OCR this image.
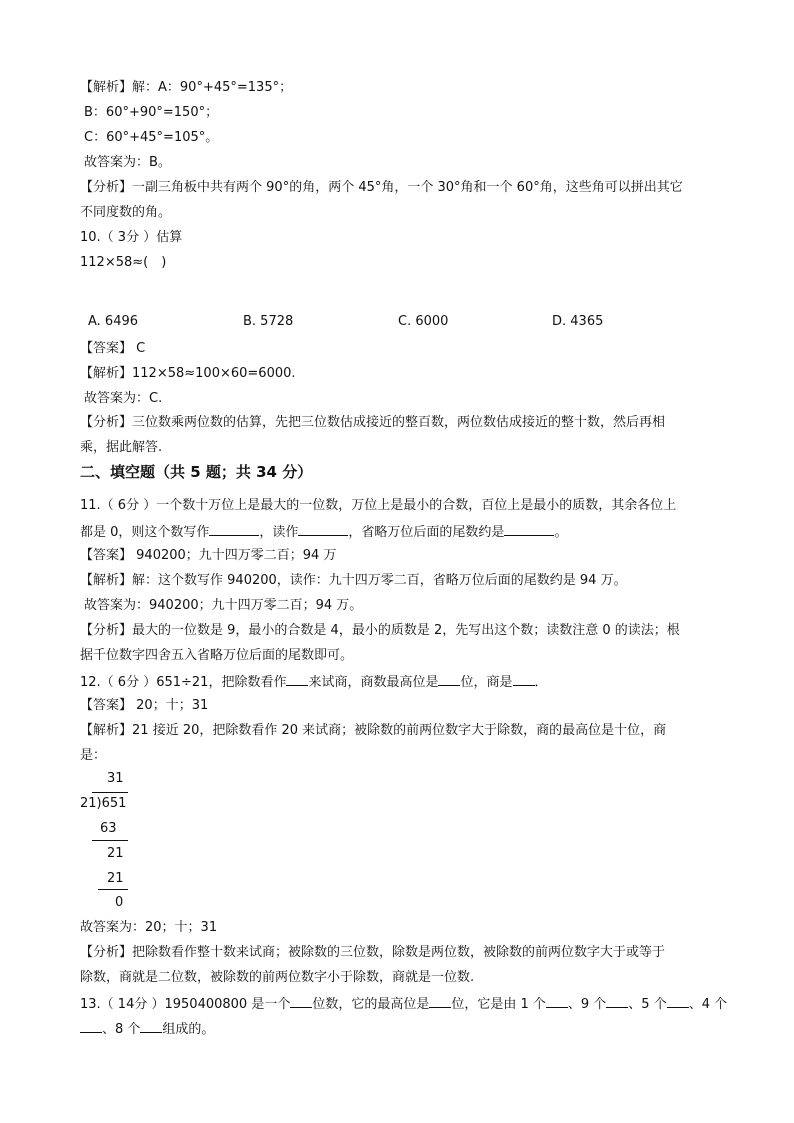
【解析】解：A：90°+45°=135°；
B：60°+90°=150°；
C：60°+45°=105°。
故答案为：B。
【分析】一副三角板中共有两个 90°的角，两个 45°角，一个 30°角和一个 60°角，这些角可以拼出其它
不同度数的角。
10.（ 3分 ）估算
112×58≈(　)
A. 6496	B. 5728	C. 6000	D. 4365
【答案】 C
【解析】112×58≈100×60=6000.
故答案为：C.
【分析】三位数乘两位数的估算，先把三位数估成接近的整百数，两位数估成接近的整十数，然后再相
乘，据此解答.
二、填空题（共 5 题；共 34 分）
11.（ 6分 ）一个数十万位上是最大的一位数，万位上是最小的合数，百位上是最小的质数，其余各位上
都是 0，则这个数写作	，读作	，省略万位后面的尾数约是	。
【答案】 940200；九十四万零二百；94 万
【解析】解：这个数写作 940200，读作：九十四万零二百，省略万位后面的尾数约是 94 万。
故答案为：940200；九十四万零二百；94 万。
【分析】最大的一位数是 9，最小的合数是 4，最小的质数是 2，先写出这个数；读数注意 0 的读法；根
据千位数字四舍五入省略万位后面的尾数即可。
12.（ 6分 ）651÷21，把除数看作 来试商，商数最高位是 位，商是 ．
【答案】 20；十；31
【解析】21 接近 20，把除数看作 20 来试商；被除数的前两位数字大于除数，商的最高位是十位，商
是：
31
21)651
63
21
21
0
故答案为：20；十；31
【分析】把除数看作整十数来试商；被除数的三位数，除数是两位数，被除数的前两位数字大于或等于
除数，商就是二位数，被除数的前两位数字小于除数，商就是一位数.
13.（ 14分 ）1950400800 是一个 位数，它的最高位是 位，它是由 1 个 、9 个 、5 个 、4 个
、8 个 组成的。
